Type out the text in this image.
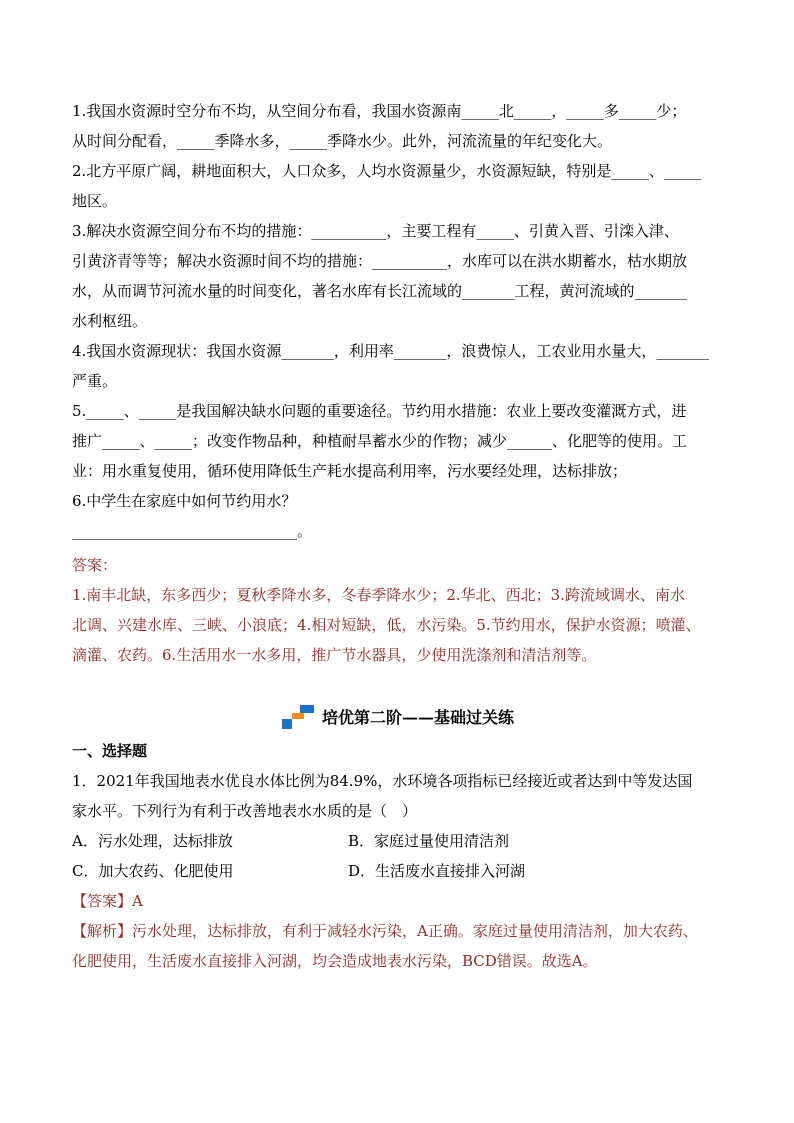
1.我国水资源时空分布不均，从空间分布看，我国水资源南_____北_____，_____多_____少；

从时间分配看，_____季降水多，_____季降水少。此外，河流流量的年纪变化大。

2.北方平原广阔，耕地面积大，人口众多，人均水资源量少，水资源短缺，特别是_____、_____

地区。

3.解决水资源空间分布不均的措施：__________，主要工程有_____、引黄入晋、引滦入津、

引黄济青等等；解决水资源时间不均的措施：__________，水库可以在洪水期蓄水，枯水期放

水，从而调节河流水量的时间变化，著名水库有长江流域的_______工程，黄河流域的_______

水利枢纽。

4.我国水资源现状：我国水资源_______，利用率_______，浪费惊人，工农业用水量大，_______

严重。

5._____、_____是我国解决缺水问题的重要途径。节约用水措施：农业上要改变灌溉方式，进

推广_____、_____；改变作物品种，种植耐旱蓄水少的作物；减少______、化肥等的使用。工

业：用水重复使用，循环使用降低生产耗水提高利用率，污水要经处理，达标排放；

6.中学生在家庭中如何节约用水？

______________________________。

答案：

1.南丰北缺，东多西少；夏秋季降水多，冬春季降水少；2.华北、西北；3.跨流域调水、南水

北调、兴建水库、三峡、小浪底；4.相对短缺，低，水污染。5.节约用水，保护水资源；喷灌、

滴灌、农药。6.生活用水一水多用，推广节水器具，少使用洗涤剂和清洁剂等。

培优第二阶——基础过关练

一、选择题

1．2021年我国地表水优良水体比例为84.9%，水环境各项指标已经接近或者达到中等发达国

家水平。下列行为有利于改善地表水水质的是（　）

A．污水处理，达标排放	B．家庭过量使用清洁剂
C．加大农药、化肥使用	D．生活废水直接排入河湖

【答案】A

【解析】污水处理，达标排放，有利于减轻水污染，A正确。家庭过量使用清洁剂，加大农药、

化肥使用，生活废水直接排入河湖，均会造成地表水污染，BCD错误。故选A。
